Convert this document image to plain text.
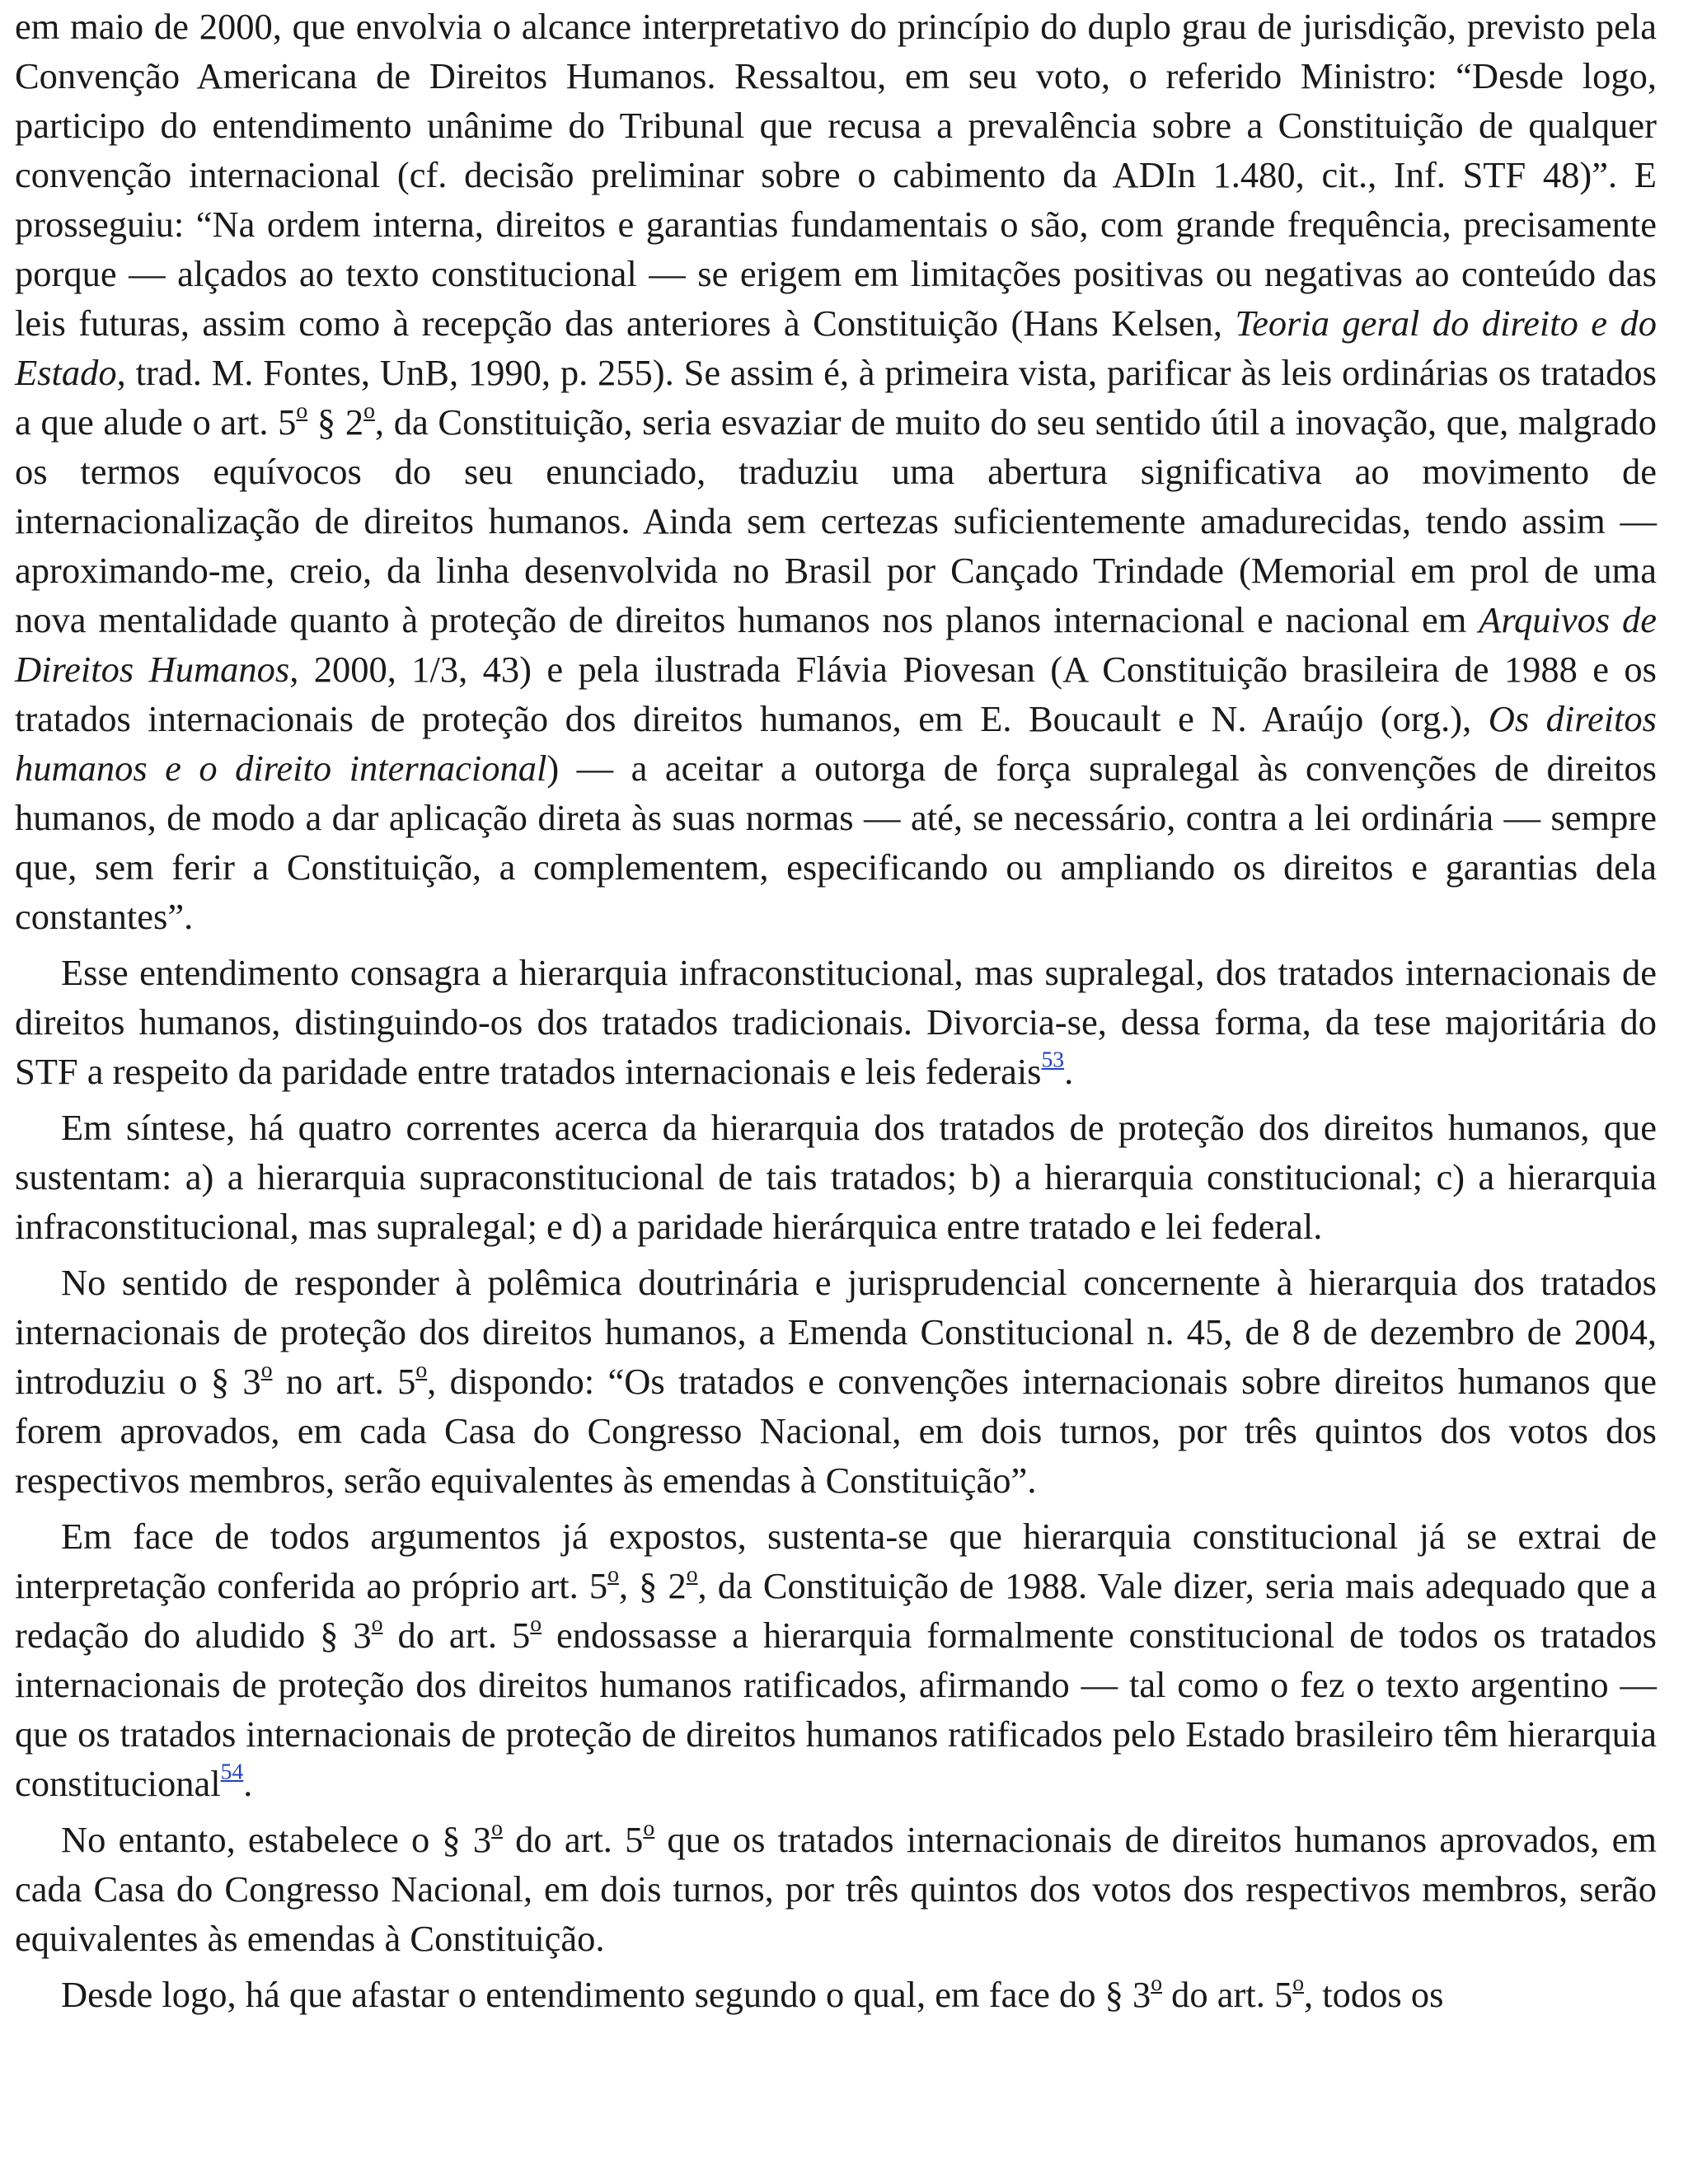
em maio de 2000, que envolvia o alcance interpretativo do princípio do duplo grau de jurisdição, previsto pela Convenção Americana de Direitos Humanos. Ressaltou, em seu voto, o referido Ministro: “Desde logo, participo do entendimento unânime do Tribunal que recusa a prevalência sobre a Constituição de qualquer convenção internacional (cf. decisão preliminar sobre o cabimento da ADIn 1.480, cit., Inf. STF 48)”. E prosseguiu: “Na ordem interna, direitos e garantias fundamentais o são, com grande frequência, precisamente porque — alçados ao texto constitucional — se erigem em limitações positivas ou negativas ao conteúdo das leis futuras, assim como à recepção das anteriores à Constituição (Hans Kelsen, Teoria geral do direito e do Estado, trad. M. Fontes, UnB, 1990, p. 255). Se assim é, à primeira vista, parificar às leis ordinárias os tratados a que alude o art. 5$^o$ § 2$^o$, da Constituição, seria esvaziar de muito do seu sentido útil a inovação, que, malgrado os termos equívocos do seu enunciado, traduziu uma abertura significativa ao movimento de internacionalização de direitos humanos. Ainda sem certezas suficientemente amadurecidas, tendo assim — aproximando-me, creio, da linha desenvolvida no Brasil por Cançado Trindade (Memorial em prol de uma nova mentalidade quanto à proteção de direitos humanos nos planos internacional e nacional em Arquivos de Direitos Humanos, 2000, 1/3, 43) e pela ilustrada Flávia Piovesan (A Constituição brasileira de 1988 e os tratados internacionais de proteção dos direitos humanos, em E. Boucault e N. Araújo (org.), Os direitos humanos e o direito internacional) — a aceitar a outorga de força supralegal às convenções de direitos humanos, de modo a dar aplicação direta às suas normas — até, se necessário, contra a lei ordinária — sempre que, sem ferir a Constituição, a complementem, especificando ou ampliando os direitos e garantias dela constantes”.

Esse entendimento consagra a hierarquia infraconstitucional, mas supralegal, dos tratados internacionais de direitos humanos, distinguindo-os dos tratados tradicionais. Divorcia-se, dessa forma, da tese majoritária do STF a respeito da paridade entre tratados internacionais e leis federais$^{53}$.

Em síntese, há quatro correntes acerca da hierarquia dos tratados de proteção dos direitos humanos, que sustentam: a) a hierarquia supraconstitucional de tais tratados; b) a hierarquia constitucional; c) a hierarquia infraconstitucional, mas supralegal; e d) a paridade hierárquica entre tratado e lei federal.

No sentido de responder à polêmica doutrinária e jurisprudencial concernente à hierarquia dos tratados internacionais de proteção dos direitos humanos, a Emenda Constitucional n. 45, de 8 de dezembro de 2004, introduziu o § 3$^o$ no art. 5$^o$, dispondo: “Os tratados e convenções internacionais sobre direitos humanos que forem aprovados, em cada Casa do Congresso Nacional, em dois turnos, por três quintos dos votos dos respectivos membros, serão equivalentes às emendas à Constituição”.

Em face de todos argumentos já expostos, sustenta-se que hierarquia constitucional já se extrai de interpretação conferida ao próprio art. 5$^o$, § 2$^o$, da Constituição de 1988. Vale dizer, seria mais adequado que a redação do aludido § 3$^o$ do art. 5$^o$ endossasse a hierarquia formalmente constitucional de todos os tratados internacionais de proteção dos direitos humanos ratificados, afirmando — tal como o fez o texto argentino — que os tratados internacionais de proteção de direitos humanos ratificados pelo Estado brasileiro têm hierarquia constitucional$^{54}$.

No entanto, estabelece o § 3$^o$ do art. 5$^o$ que os tratados internacionais de direitos humanos aprovados, em cada Casa do Congresso Nacional, em dois turnos, por três quintos dos votos dos respectivos membros, serão equivalentes às emendas à Constituição.

Desde logo, há que afastar o entendimento segundo o qual, em face do § 3$^o$ do art. 5$^o$, todos os
